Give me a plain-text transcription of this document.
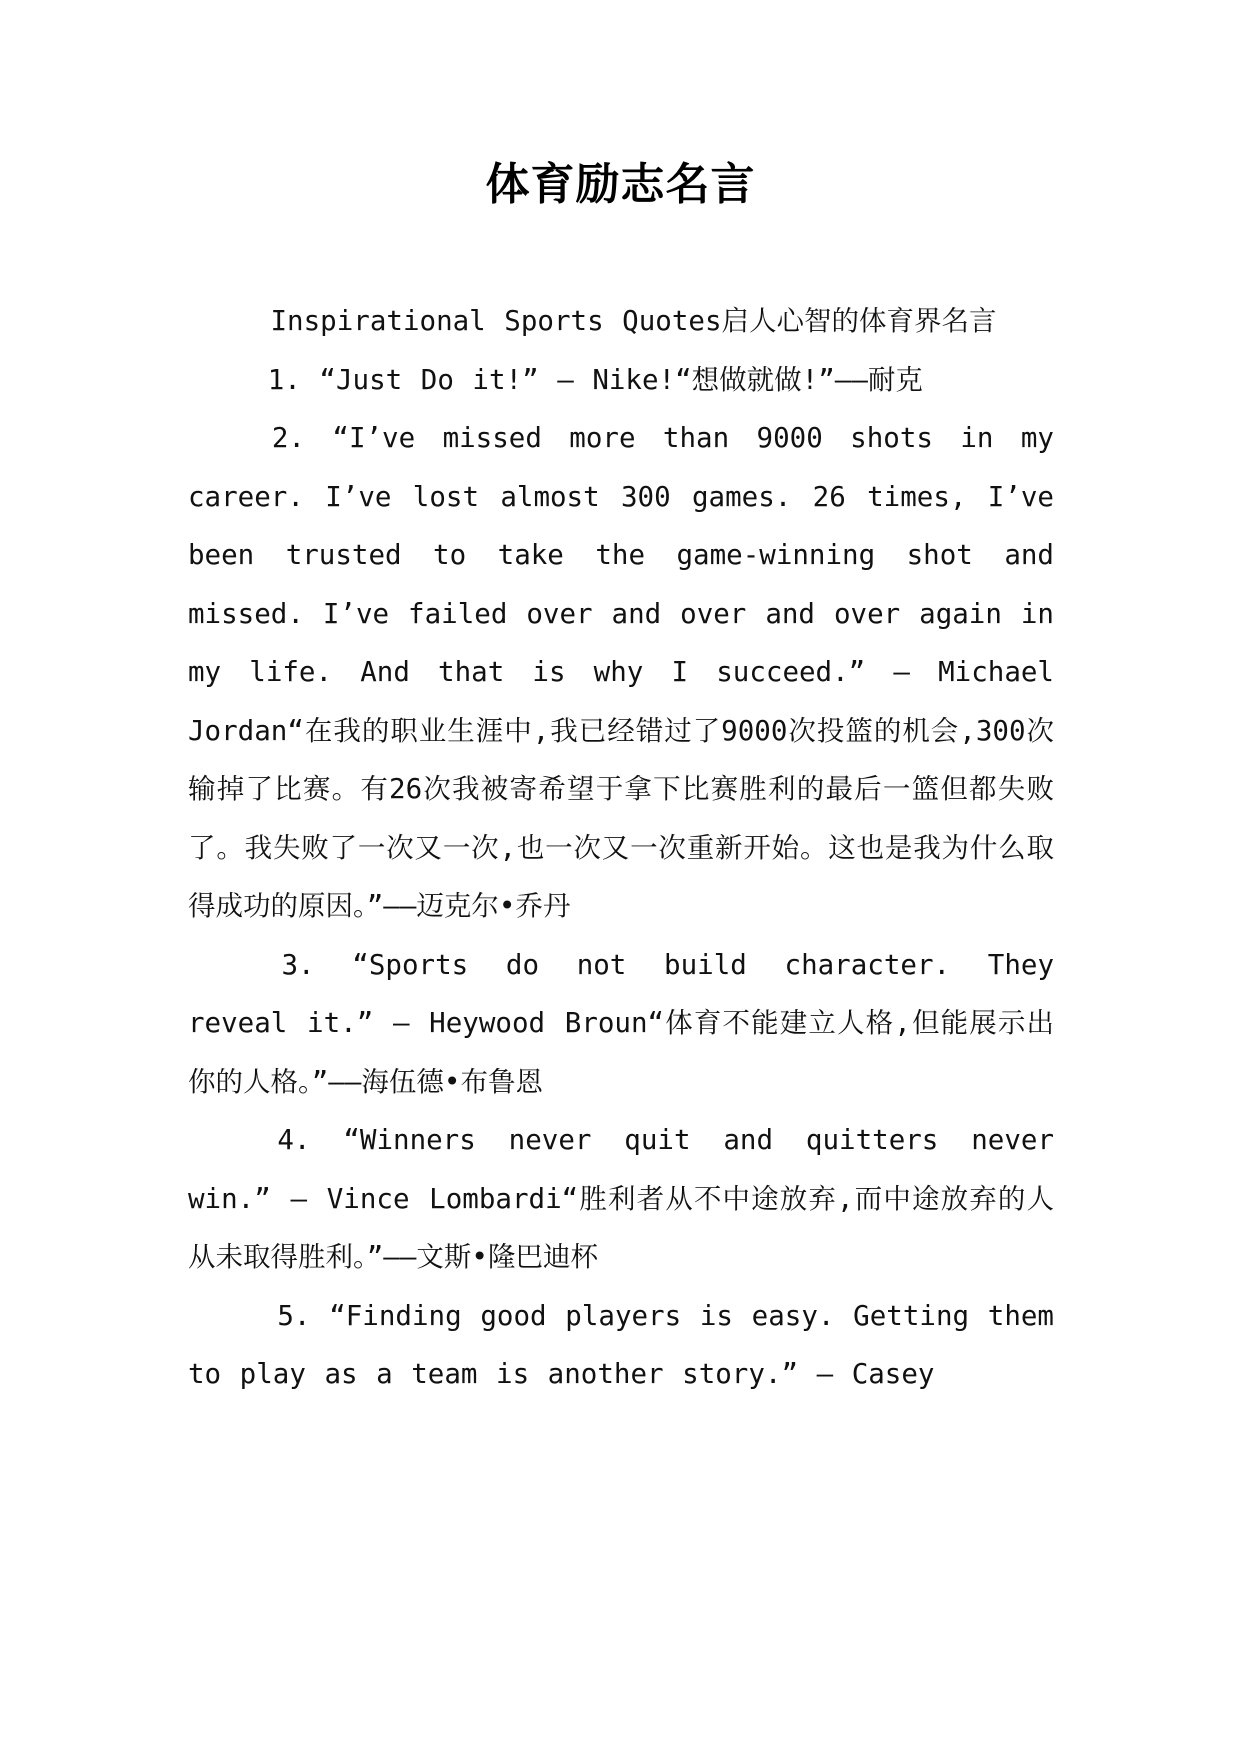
体育励志名言

Inspirational Sports Quotes启人心智的体育界名言

1. “Just Do it!” – Nike!“想做就做!”——耐克

2. “I’ve missed more than 9000 shots in my career. I’ve lost almost 300 games. 26 times, I’ve been trusted to take the game-winning shot and missed. I’ve failed over and over and over again in my life. And that is why I succeed.” – Michael Jordan“在我的职业生涯中,我已经错过了9000次投篮的机会,300次输掉了比赛。有26次我被寄希望于拿下比赛胜利的最后一篮但都失败了。我失败了一次又一次,也一次又一次重新开始。这也是我为什么取得成功的原因。”——迈克尔•乔丹

3. “Sports do not build character. They reveal it.” – Heywood Broun“体育不能建立人格,但能展示出你的人格。”——海伍德•布鲁恩

4. “Winners never quit and quitters never win.” – Vince Lombardi“胜利者从不中途放弃,而中途放弃的人从未取得胜利。”——文斯•隆巴迪杯

5. “Finding good players is easy. Getting them to play as a team is another story.” – Casey
